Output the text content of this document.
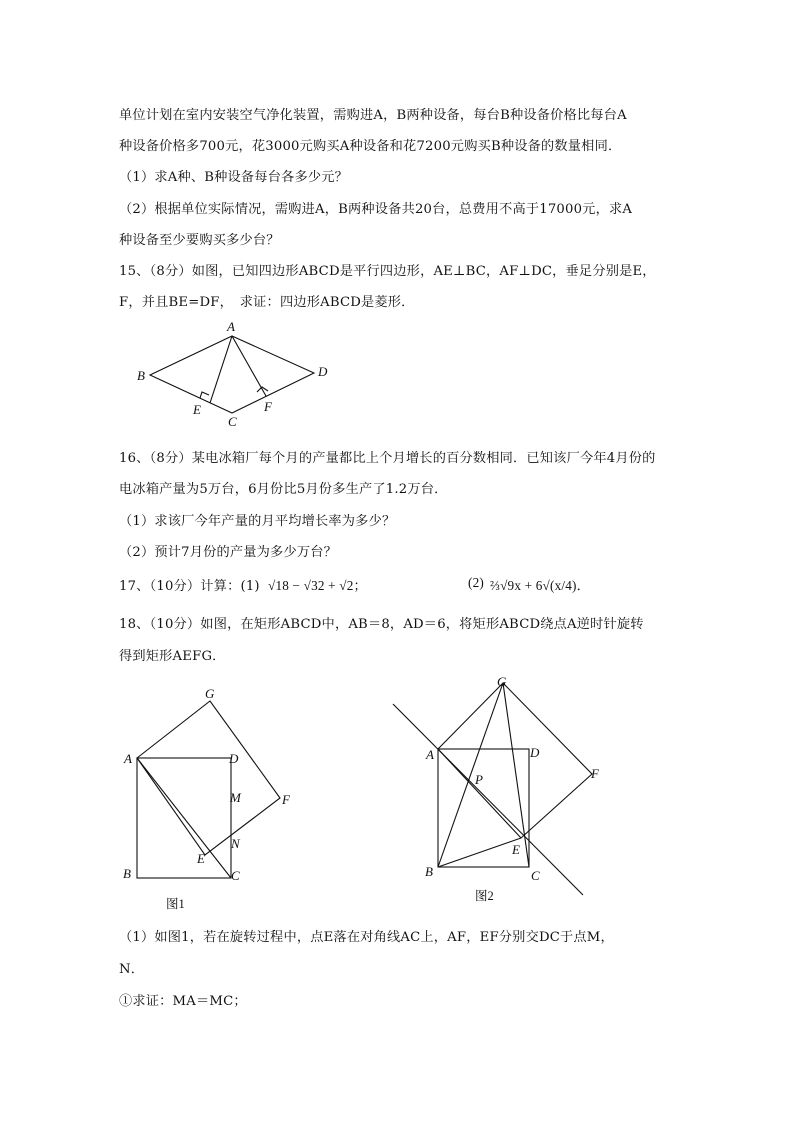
单位计划在室内安装空气净化装置，需购进A，B两种设备，每台B种设备价格比每台A
种设备价格多700元，花3000元购买A种设备和花7200元购买B种设备的数量相同．
（1）求A种、B种设备每台各多少元？
（2）根据单位实际情况，需购进A，B两种设备共20台，总费用不高于17000元，求A
种设备至少要购买多少台？
15、（8分）如图，已知四边形ABCD是平行四边形，AE⊥BC，AF⊥DC，垂足分别是E，
F，并且BE=DF，　求证：四边形ABCD是菱形．
A
B
C
D
E	F
16、（8分）某电冰箱厂每个月的产量都比上个月增长的百分数相同．已知该厂今年4月份的
电冰箱产量为5万台，6月份比5月份多生产了1.2万台．
（1）求该厂今年产量的月平均增长率为多少？
（2）预计7月份的产量为多少万台？
17、（10分）计算：(1) √18 − √32 + √2；	(2) ⅔√9x + 6√(x/4)．
18、（10分）如图，在矩形ABCD中，AB＝8，AD＝6，将矩形ABCD绕点A逆时针旋转
得到矩形AEFG．
G
A	D
M	F
N
E
B	C
图1
G
A	D
P	F
E
B	C
图2
（1）如图1，若在旋转过程中，点E落在对角线AC上，AF，EF分别交DC于点M，
N．
①求证：MA＝MC；
